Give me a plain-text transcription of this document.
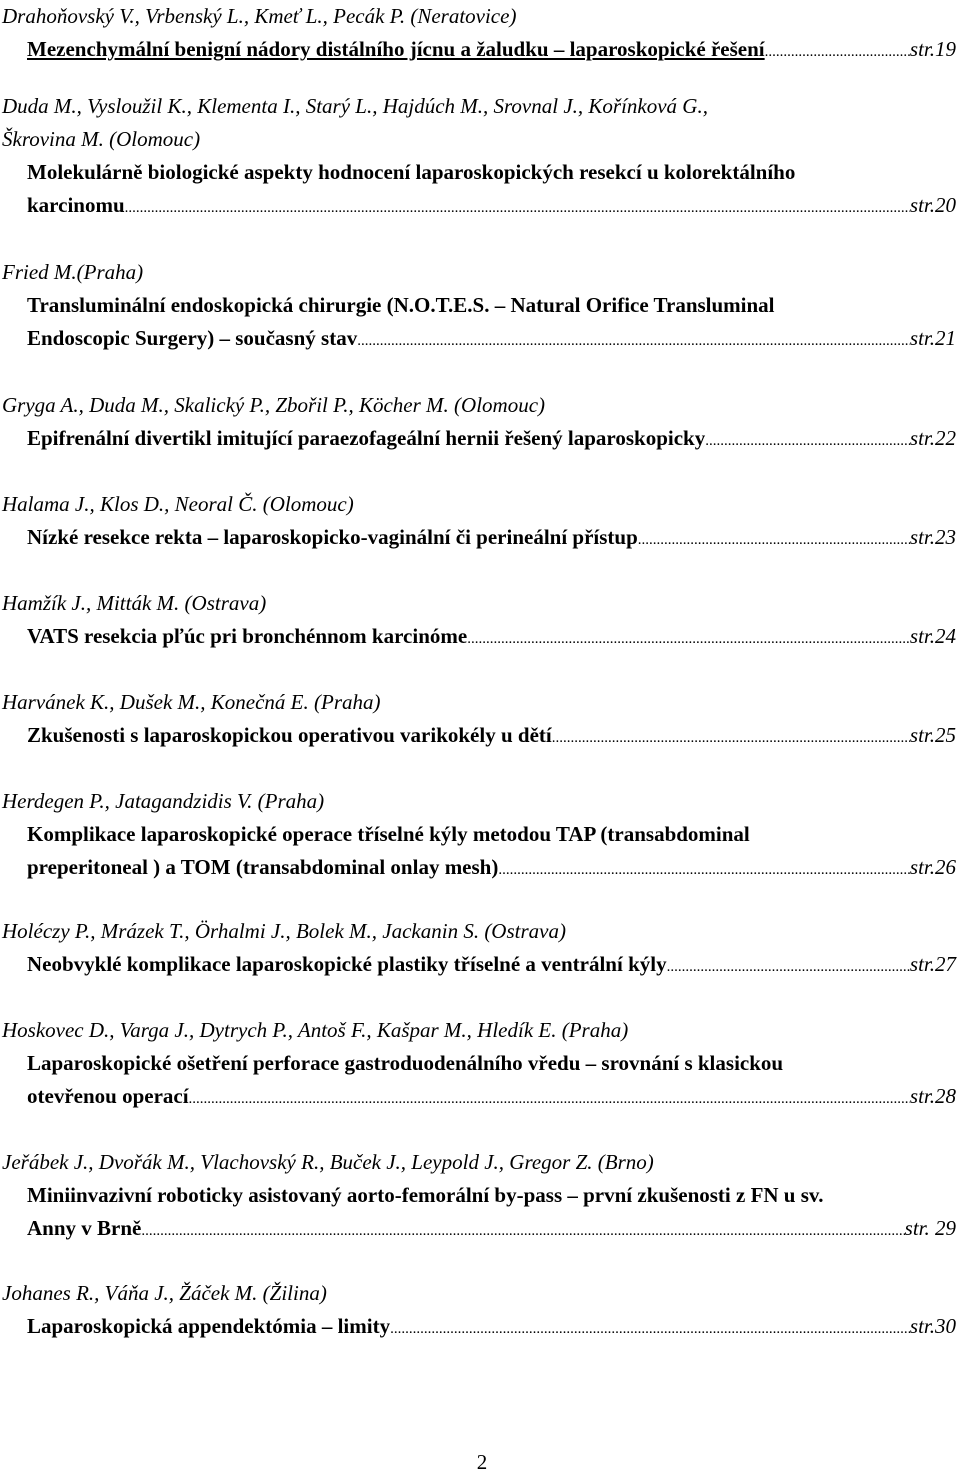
Drahoňovský V., Vrbenský L., Kmeť L., Pecák P. (Neratovice)
Mezenchymální benigní nádory distálního jícnu a žaludku – laparoskopické řešení .....	str.19
Duda M., Vysloužil K., Klementa I., Starý L., Hajdúch M., Srovnal J., Kořínková G.,
Škrovina M. (Olomouc)
Molekulárně biologické aspekty hodnocení laparoskopických resekcí u kolorektálního
karcinomu .....	str.20
Fried M.(Praha)
Transluminální endoskopická chirurgie (N.O.T.E.S. – Natural Orifice Transluminal
Endoscopic Surgery) – současný stav .....	str.21
Gryga A., Duda M., Skalický P., Zbořil P., Köcher M. (Olomouc)
Epifrenální divertikl imitující paraezofageální hernii řešený laparoskopicky .....	str.22
Halama J., Klos D., Neoral Č. (Olomouc)
Nízké resekce rekta – laparoskopicko-vaginální či perineální přístup .....	str.23
Hamžík J., Mitták M. (Ostrava)
VATS resekcia pľúc pri bronchénnom karcinóme .....	str.24
Harvánek K., Dušek M., Konečná E. (Praha)
Zkušenosti s laparoskopickou operativou varikokély u dětí .....	str.25
Herdegen P., Jatagandzidis V. (Praha)
Komplikace laparoskopické operace tříselné kýly metodou TAP (transabdominal
preperitoneal ) a TOM (transabdominal onlay mesh) .....	str.26
Holéczy P., Mrázek T., Örhalmi J., Bolek M., Jackanin S. (Ostrava)
Neobvyklé komplikace laparoskopické plastiky tříselné a ventrální kýly .....	str.27
Hoskovec D., Varga J., Dytrych P., Antoš F., Kašpar M., Hledík E. (Praha)
Laparoskopické ošetření perforace gastroduodenálního vředu – srovnání s klasickou
otevřenou operací .....	str.28
Jeřábek J., Dvořák M., Vlachovský R., Buček J., Leypold J., Gregor Z. (Brno)
Miniinvazivní roboticky asistovaný aorto-femorální by-pass – první zkušenosti z FN u sv.
Anny v Brně .....	str. 29
Johanes R., Váňa J., Žáček M. (Žilina)
Laparoskopická appendektómia – limity .....	str.30
2
